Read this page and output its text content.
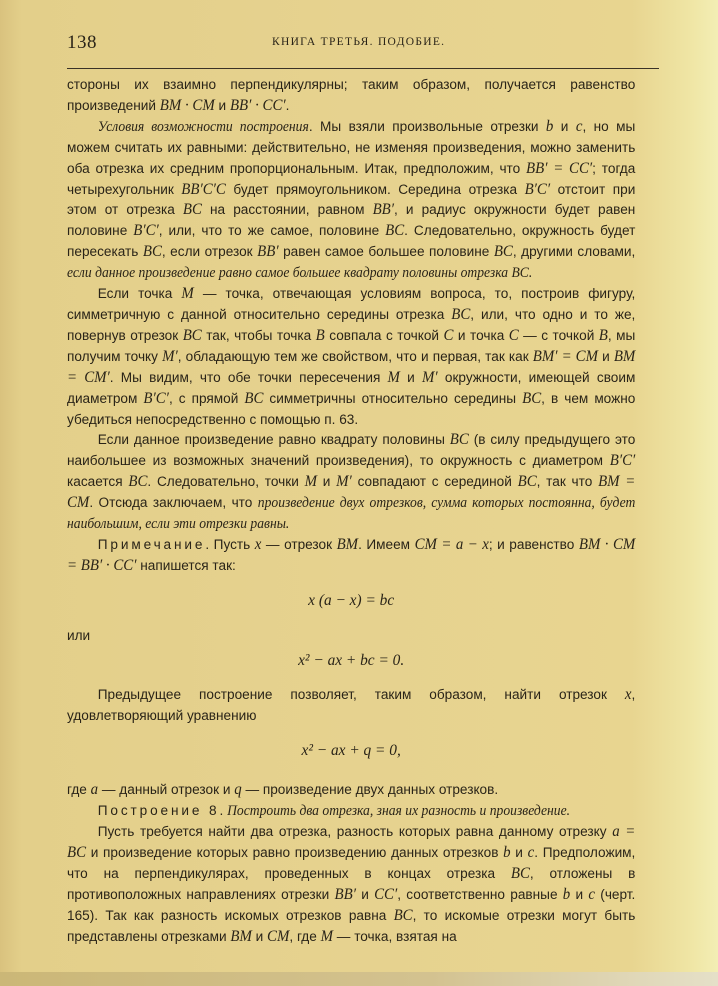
138	КНИГА ТРЕТЬЯ. ПОДОБИЕ.

стороны их взаимно перпендикулярны; таким образом, получается равенство произведений BM · CM и BB′ · CC′.

Условия возможности построения. Мы взяли произвольные отрезки b и c, но мы можем считать их равными: действительно, не изменяя произведения, можно заменить оба отрезка их средним пропорциональным. Итак, предположим, что BB′ = CC′; тогда четырехугольник BB′C′C будет прямоугольником. Середина отрезка B′C′ отстоит при этом от отрезка BC на расстоянии, равном BB′, и радиус окружности будет равен половине B′C′, или, что то же самое, половине BC. Следовательно, окружность будет пересекать BC, если отрезок BB′ равен самое большее половине BC, другими словами, если данное произведение равно самое большее квадрату половины отрезка BC.

Если точка M — точка, отвечающая условиям вопроса, то, построив фигуру, симметричную с данной относительно середины отрезка BC, или, что одно и то же, повернув отрезок BC так, чтобы точка B совпала с точкой C и точка C — с точкой B, мы получим точку M′, обладающую тем же свойством, что и первая, так как BM′ = CM и BM = CM′. Мы видим, что обе точки пересечения M и M′ окружности, имеющей своим диаметром B′C′, с прямой BC симметричны относительно середины BC, в чем можно убедиться непосредственно с помощью п. 63.

Если данное произведение равно квадрату половины BC (в силу предыдущего это наибольшее из возможных значений произведения), то окружность с диаметром B′C′ касается BC. Следовательно, точки M и M′ совпадают с серединой BC, так что BM = CM. Отсюда заключаем, что произведение двух отрезков, сумма которых постоянна, будет наибольшим, если эти отрезки равны.

Примечание. Пусть x — отрезок BM. Имеем CM = a − x; и равенство BM · CM = BB′ · CC′ напишется так:

x (a − x) = bc

или

x² − ax + bc = 0.

Предыдущее построение позволяет, таким образом, найти отрезок x, удовлетворяющий уравнению

x² − ax + q = 0,

где a — данный отрезок и q — произведение двух данных отрезков.

Построение 8. Построить два отрезка, зная их разность и произведение.

Пусть требуется найти два отрезка, разность которых равна данному отрезку a = BC и произведение которых равно произведению данных отрезков b и c. Предположим, что на перпендикулярах, проведенных в концах отрезка BC, отложены в противоположных направлениях отрезки BB′ и CC′, соответственно равные b и c (черт. 165). Так как разность искомых отрезков равна BC, то искомые отрезки могут быть представлены отрезками BM и CM, где M — точка, взятая на
